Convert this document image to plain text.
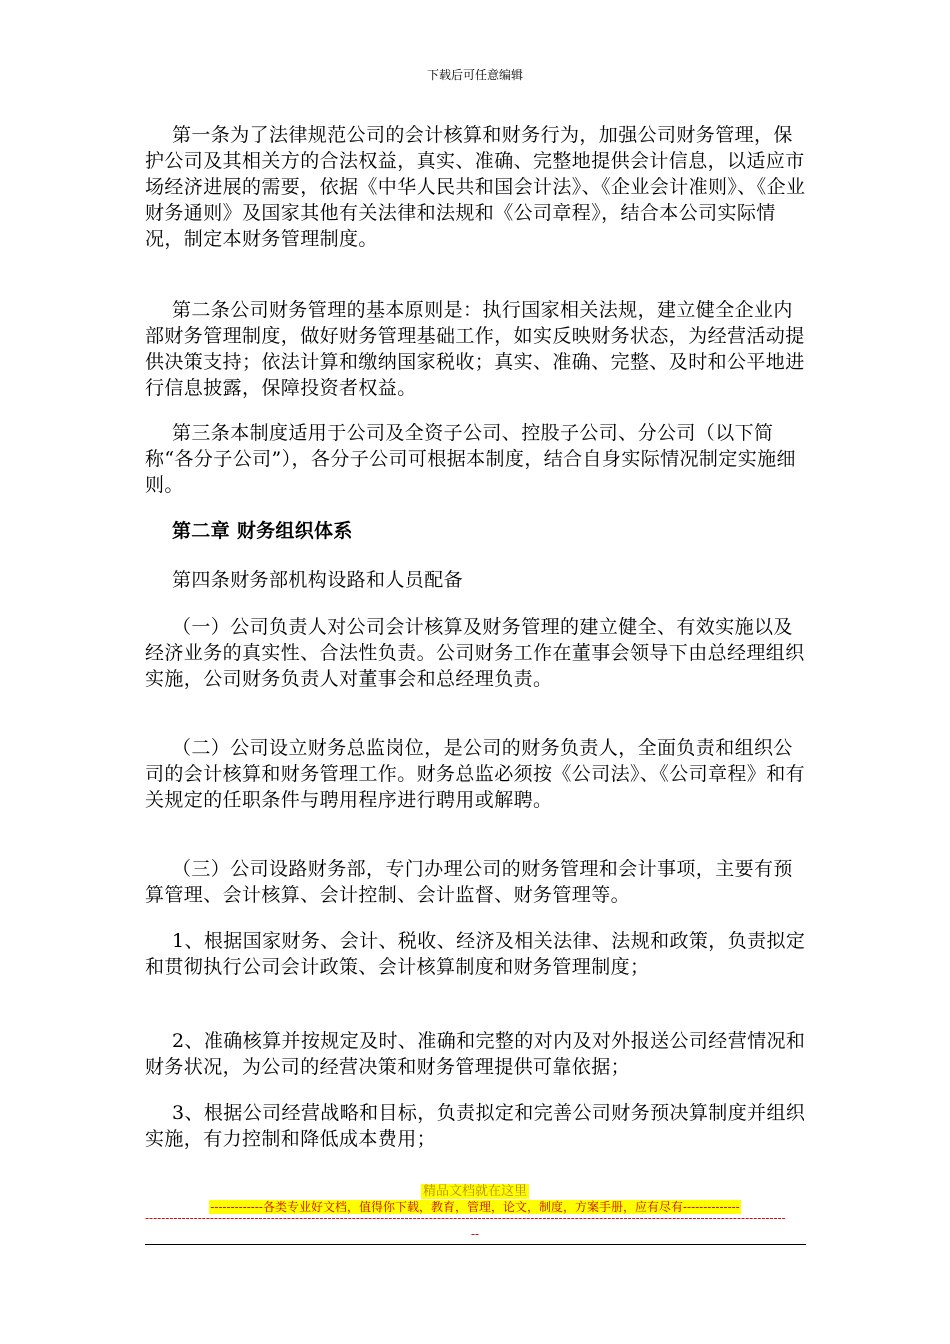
下载后可任意编辑

第一条为了法律规范公司的会计核算和财务行为，加强公司财务管理，保护公司及其相关方的合法权益，真实、准确、完整地提供会计信息，以适应市场经济进展的需要，依据《中华人民共和国会计法》、《企业会计准则》、《企业财务通则》及国家其他有关法律和法规和《公司章程》，结合本公司实际情况，制定本财务管理制度。

第二条公司财务管理的基本原则是：执行国家相关法规，建立健全企业内部财务管理制度，做好财务管理基础工作，如实反映财务状态，为经营活动提供决策支持；依法计算和缴纳国家税收；真实、准确、完整、及时和公平地进行信息披露，保障投资者权益。

第三条本制度适用于公司及全资子公司、控股子公司、分公司（以下简称“各分子公司”），各分子公司可根据本制度，结合自身实际情况制定实施细则。

第二章 财务组织体系

第四条财务部机构设路和人员配备

（一）公司负责人对公司会计核算及财务管理的建立健全、有效实施以及经济业务的真实性、合法性负责。公司财务工作在董事会领导下由总经理组织实施，公司财务负责人对董事会和总经理负责。

（二）公司设立财务总监岗位，是公司的财务负责人，全面负责和组织公司的会计核算和财务管理工作。财务总监必须按《公司法》、《公司章程》和有关规定的任职条件与聘用程序进行聘用或解聘。

（三）公司设路财务部，专门办理公司的财务管理和会计事项，主要有预算管理、会计核算、会计控制、会计监督、财务管理等。

1、根据国家财务、会计、税收、经济及相关法律、法规和政策，负责拟定和贯彻执行公司会计政策、会计核算制度和财务管理制度；

2、准确核算并按规定及时、准确和完整的对内及对外报送公司经营情况和财务状况，为公司的经营决策和财务管理提供可靠依据；

3、根据公司经营战略和目标，负责拟定和完善公司财务预决算制度并组织实施，有力控制和降低成本费用；

精品文档就在这里
-------------各类专业好文档，值得你下载，教育，管理，论文，制度，方案手册，应有尽有--------------
--------------------------------------------------------------------------------------------------------------------------------------------------------------
--
